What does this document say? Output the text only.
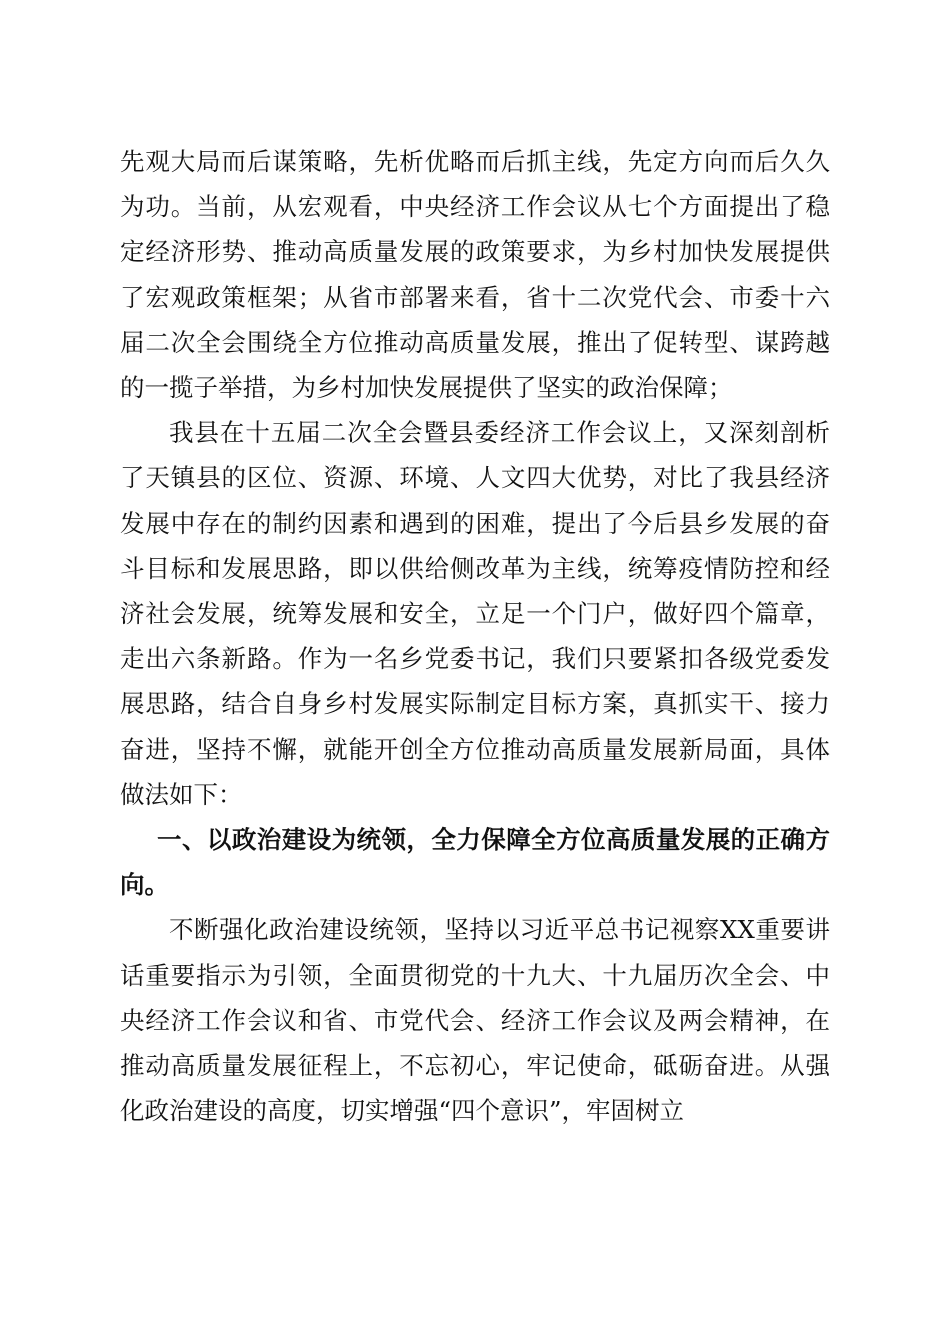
先观大局而后谋策略，先析优略而后抓主线，先定方向而后久久为功。当前，从宏观看，中央经济工作会议从七个方面提出了稳定经济形势、推动高质量发展的政策要求，为乡村加快发展提供了宏观政策框架；从省市部署来看，省十二次党代会、市委十六届二次全会围绕全方位推动高质量发展，推出了促转型、谋跨越的一揽子举措，为乡村加快发展提供了坚实的政治保障；

我县在十五届二次全会暨县委经济工作会议上，又深刻剖析了天镇县的区位、资源、环境、人文四大优势，对比了我县经济发展中存在的制约因素和遇到的困难，提出了今后县乡发展的奋斗目标和发展思路，即以供给侧改革为主线，统筹疫情防控和经济社会发展，统筹发展和安全，立足一个门户，做好四个篇章，走出六条新路。作为一名乡党委书记，我们只要紧扣各级党委发展思路，结合自身乡村发展实际制定目标方案，真抓实干、接力奋进，坚持不懈，就能开创全方位推动高质量发展新局面，具体做法如下：

一、以政治建设为统领，全力保障全方位高质量发展的正确方向。

不断强化政治建设统领，坚持以习近平总书记视察XX重要讲话重要指示为引领，全面贯彻党的十九大、十九届历次全会、中央经济工作会议和省、市党代会、经济工作会议及两会精神，在推动高质量发展征程上，不忘初心，牢记使命，砥砺奋进。从强化政治建设的高度，切实增强“四个意识”，牢固树立
